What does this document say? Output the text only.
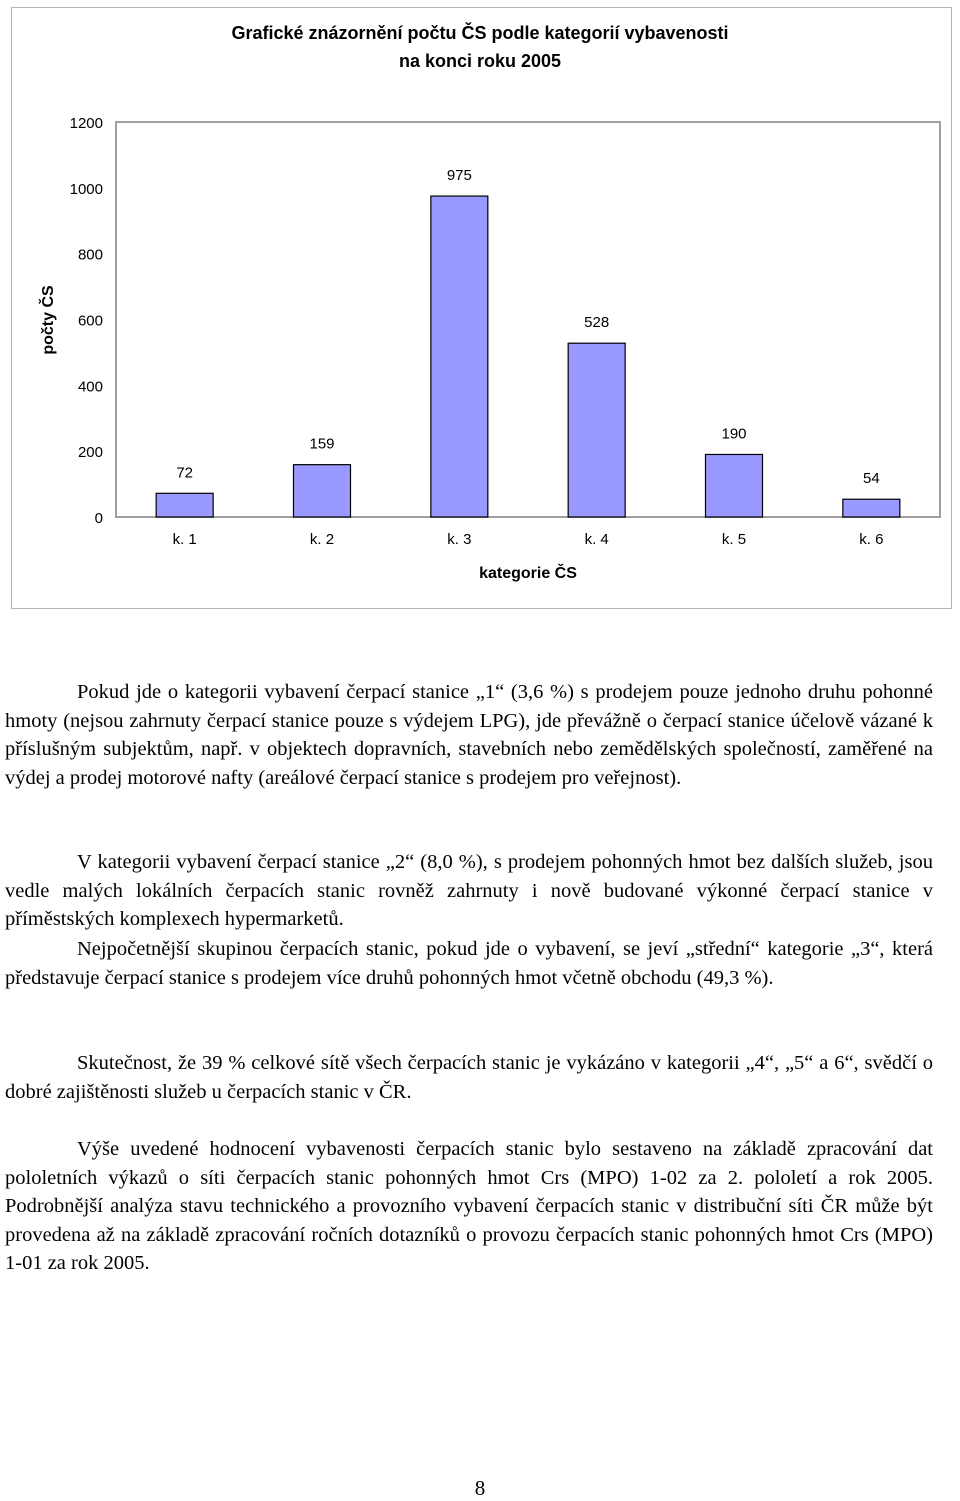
Grafické znázornění počtu ČS podle kategorií vybavenosti
na konci roku 2005
0
200
400
600
800
1000
1200
počty ČS
72
k. 1
159
k. 2
975
k. 3
528
k. 4
190
k. 5
54
k. 6
kategorie ČS

Pokud jde o kategorii vybavení čerpací stanice „1“ (3,6 %) s prodejem pouze jednoho druhu pohonné hmoty (nejsou zahrnuty čerpací stanice pouze s výdejem LPG), jde převážně o čerpací stanice účelově vázané k příslušným subjektům, např. v objektech dopravních, stavebních nebo zemědělských společností, zaměřené na výdej a prodej motorové nafty (areálové čerpací stanice s prodejem pro veřejnost).

V kategorii vybavení čerpací stanice „2“ (8,0 %), s prodejem pohonných hmot bez dalších služeb, jsou vedle malých lokálních čerpacích stanic rovněž zahrnuty i nově budované výkonné čerpací stanice v příměstských komplexech hypermarketů.

Nejpočetnější skupinou čerpacích stanic, pokud jde o vybavení, se jeví „střední“ kategorie „3“, která představuje čerpací stanice s prodejem více druhů pohonných hmot včetně obchodu (49,3 %).

Skutečnost, že 39 % celkové sítě všech čerpacích stanic je vykázáno v kategorii „4“, „5“ a 6“, svědčí o dobré zajištěnosti služeb u čerpacích stanic v ČR.

Výše uvedené hodnocení vybavenosti čerpacích stanic bylo sestaveno na základě zpracování dat pololetních výkazů o síti čerpacích stanic pohonných hmot Crs (MPO) 1-02 za 2. pololetí a rok 2005. Podrobnější analýza stavu technického a provozního vybavení čerpacích stanic v distribuční síti ČR může být provedena až na základě zpracování ročních dotazníků o provozu čerpacích stanic pohonných hmot Crs (MPO) 1-01 za rok 2005.

8
